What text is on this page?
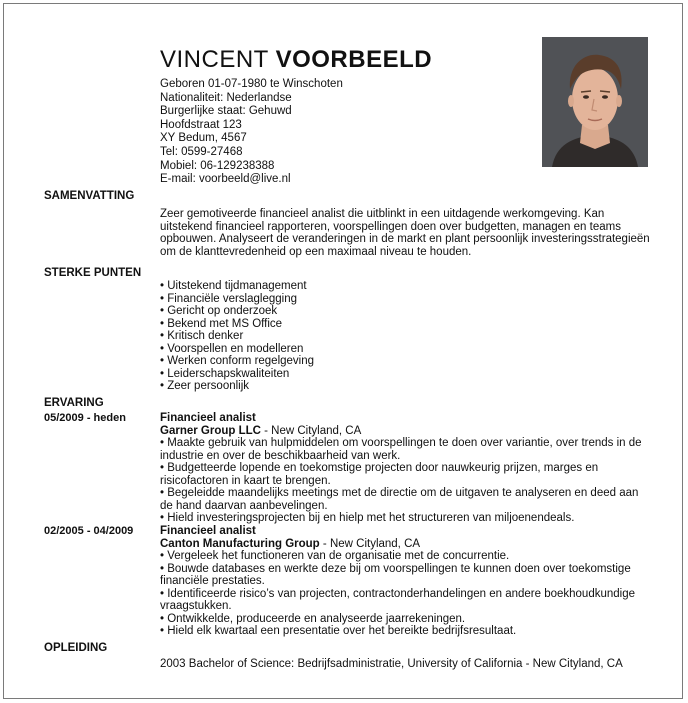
VINCENT VOORBEELD
Geboren 01-07-1980 te Winschoten
Nationaliteit: Nederlandse
Burgerlijke staat: Gehuwd
Hoofdstraat 123
XY Bedum, 4567
Tel: 0599-27468
Mobiel: 06-129238388
E-mail: voorbeeld@live.nl
SAMENVATTING
Zeer gemotiveerde financieel analist die uitblinkt in een uitdagende werkomgeving. Kan uitstekend financieel rapporteren, voorspellingen doen over budgetten, managen en teams opbouwen. Analyseert de veranderingen in de markt en plant persoonlijk investeringsstrategieën om de klanttevredenheid op een maximaal niveau te houden.
STERKE PUNTEN
• Uitstekend tijdmanagement
• Financiële verslaglegging
• Gericht op onderzoek
• Bekend met MS Office
• Kritisch denker
• Voorspellen en modelleren
• Werken conform regelgeving
• Leiderschapskwaliteiten
• Zeer persoonlijk
ERVARING
05/2009 - heden	Financieel analist
Garner Group LLC - New Cityland, CA
• Maakte gebruik van hulpmiddelen om voorspellingen te doen over variantie, over trends in de industrie en over de beschikbaarheid van werk.
• Budgetteerde lopende en toekomstige projecten door nauwkeurig prijzen, marges en risicofactoren in kaart te brengen.
• Begeleidde maandelijks meetings met de directie om de uitgaven te analyseren en deed aan de hand daarvan aanbevelingen.
• Hield investeringsprojecten bij en hielp met het structureren van miljoenendeals.
02/2005 - 04/2009 Financieel analist
Canton Manufacturing Group - New Cityland, CA
• Vergeleek het functioneren van de organisatie met de concurrentie.
• Bouwde databases en werkte deze bij om voorspellingen te kunnen doen over toekomstige financiële prestaties.
• Identificeerde risico’s van projecten, contractonderhandelingen en andere boekhoudkundige vraagstukken.
• Ontwikkelde, produceerde en analyseerde jaarrekeningen.
• Hield elk kwartaal een presentatie over het bereikte bedrijfsresultaat.
OPLEIDING
2003 Bachelor of Science: Bedrijfsadministratie, University of California - New Cityland, CA
